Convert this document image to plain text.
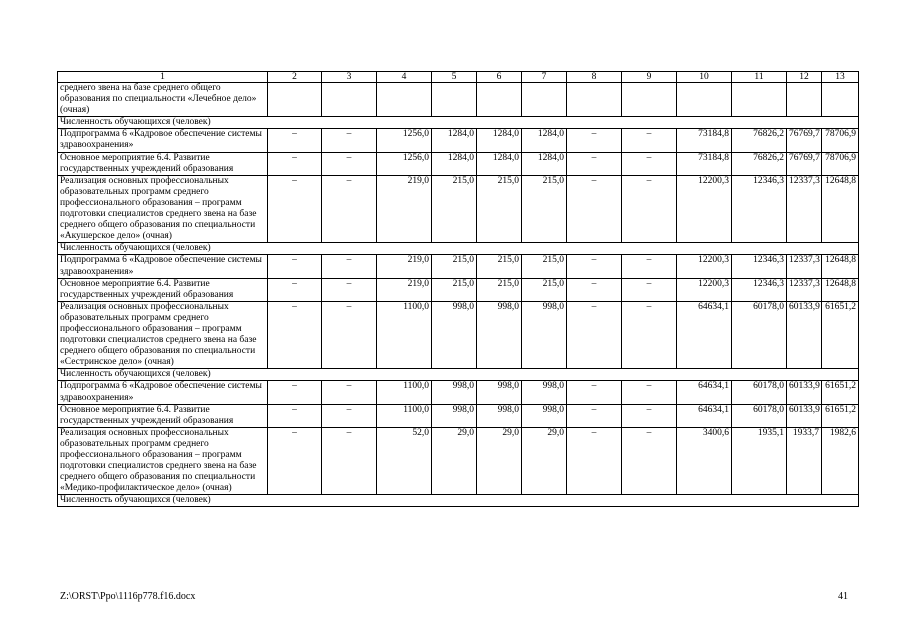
1	2	3	4	5	6	7	8	9	10	11	12	13
среднего звена на базе среднего общего образования по специальности «Лечебное дело» (очная)												
Численность обучающихся (человек)												
Подпрограмма 6 «Кадровое обеспечение системы здравоохранения»	–	–	1256,0	1284,0	1284,0	1284,0	–	–	73184,8	76826,2	76769,7	78706,9
Основное мероприятие 6.4. Развитие государственных учреждений образования	–	–	1256,0	1284,0	1284,0	1284,0	–	–	73184,8	76826,2	76769,7	78706,9
Реализация основных профессиональных образовательных программ среднего профессионального образования – программ подготовки специалистов среднего звена на базе среднего общего образования по специальности «Акушерское дело» (очная)	–	–	219,0	215,0	215,0	215,0	–	–	12200,3	12346,3	12337,3	12648,8
Численность обучающихся (человек)												
Подпрограмма 6 «Кадровое обеспечение системы здравоохранения»	–	–	219,0	215,0	215,0	215,0	–	–	12200,3	12346,3	12337,3	12648,8
Основное мероприятие 6.4. Развитие государственных учреждений образования	–	–	219,0	215,0	215,0	215,0	–	–	12200,3	12346,3	12337,3	12648,8
Реализация основных профессиональных образовательных программ среднего профессионального образования – программ подготовки специалистов среднего звена на базе среднего общего образования по специальности «Сестринское дело» (очная)	–	–	1100,0	998,0	998,0	998,0	–	–	64634,1	60178,0	60133,9	61651,2
Численность обучающихся (человек)												
Подпрограмма 6 «Кадровое обеспечение системы здравоохранения»	–	–	1100,0	998,0	998,0	998,0	–	–	64634,1	60178,0	60133,9	61651,2
Основное мероприятие 6.4. Развитие государственных учреждений образования	–	–	1100,0	998,0	998,0	998,0	–	–	64634,1	60178,0	60133,9	61651,2
Реализация основных профессиональных образовательных программ среднего профессионального образования – программ подготовки специалистов среднего звена на базе среднего общего образования по специальности «Медико-профилактическое дело» (очная)	–	–	52,0	29,0	29,0	29,0	–	–	3400,6	1935,1	1933,7	1982,6
Численность обучающихся (человек)												
Z:\ORST\Ppo\1116p778.f16.docx	41
